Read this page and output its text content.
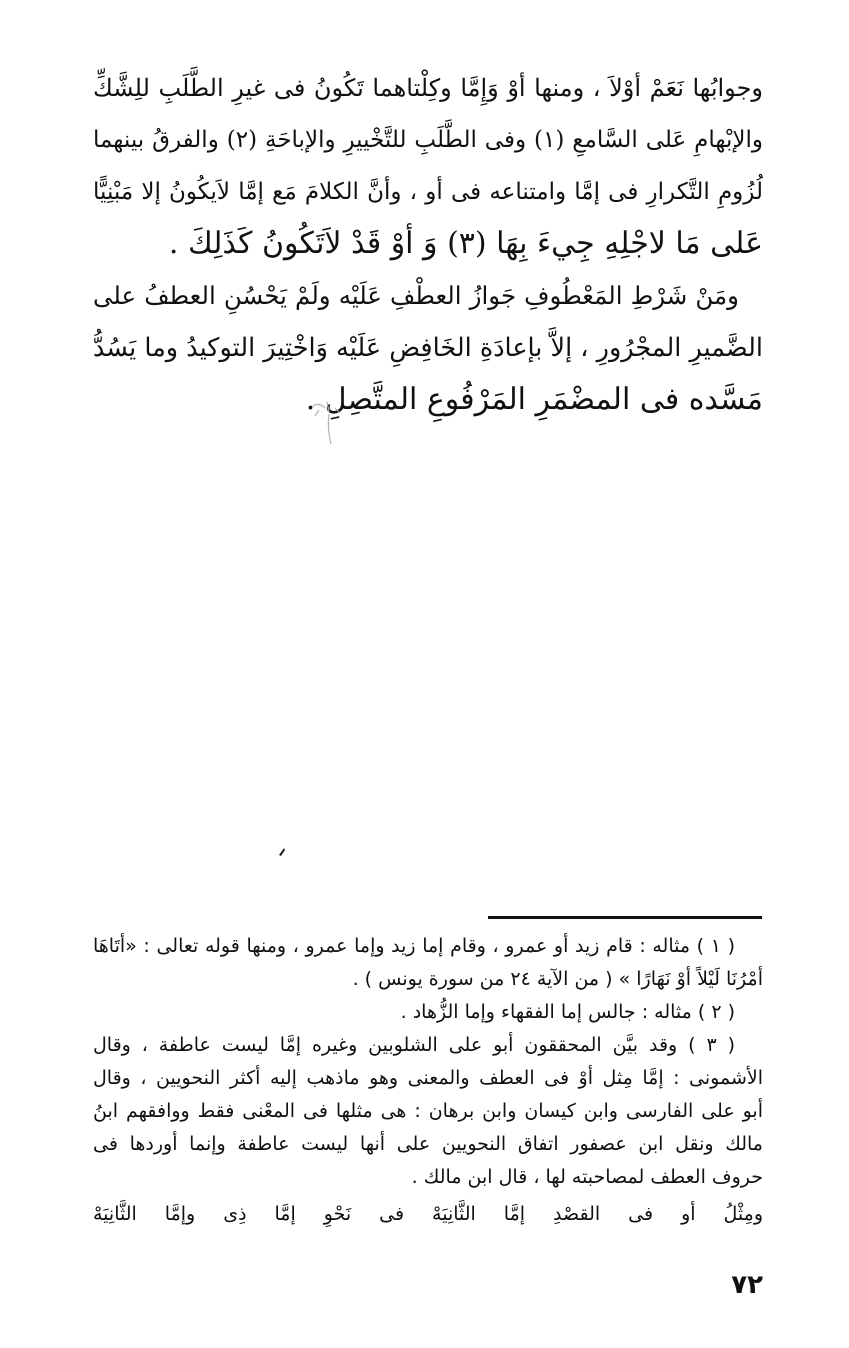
وجوابُها نَعَمْ أوْلاَ ، ومنها أوْ وَإِمَّا وكِلْتاهما تَكُونُ فى غيرِ الطَّلَبِ للِشَّكِّ
والإبْهامِ عَلى السَّامعِ (١) وفى الطَّلَبِ للتَّخْييرِ والإباحَةِ (٢) والفرقُ بينهما
لُزُومِ التَّكرارِ فى إمَّا وامتناعه فى أو ، وأنَّ الكلامَ مَع إمَّا لاَيكُونُ إلا مَبْنِيًّا
عَلى مَا لاجْلِهِ جِيءَ بِهَا (٣) وَ أوْ قَدْ لاَتَكُونُ كَذَلِكَ .
ومَنْ شَرْطِ المَعْطُوفِ جَوازُ العطْفِ عَلَيْه ولَمْ يَحْسُنِ العطفُ على
الضَّميرِ المجْرُورِ ، إلاَّ بإعادَةِ الخَافِضِ عَلَيْه وَاخْتِيرَ التوكيدُ وما يَسُدُّ
مَسَّده فى المضْمَرِ المَرْفُوعِ المتَّصِلِ .
( ١ ) مثاله : قام زيد أو عمرو ، وقام إما زيد وإما عمرو ، ومنها قوله تعالى : «أتَاهَا
أمْرُنَا لَيْلاً أوْ نَهَارًا » ( من الآية ٢٤ من سورة يونس ) .
( ٢ ) مثاله : جالس إما الفقهاء وإما الزُّهاد .
( ٣ ) وقد بيَّن المحققون أبو على الشلوبين وغيره إمَّا ليست عاطفة ، وقال
الأشمونى : إمَّا مِثل أوْ فى العطف والمعنى وهو ماذهب إليه أكثر النحويين ، وقال
أبو على الفارسى وابن كيسان وابن برهان : هى مثلها فى المعْنى فقط ووافقهم ابنُ
مالك ونقل ابن عصفور اتفاق النحويين على أنها ليست عاطفة وإنما أوردها فى
حروف العطف لمصاحبته لها ، قال ابن مالك .
ومِثْلُ أو فى القصْدِ إمَّا الثَّانِيَهْ فى نَحْوِ إمَّا ذِى وإمَّا الثَّانِيَهْ
٧٢
